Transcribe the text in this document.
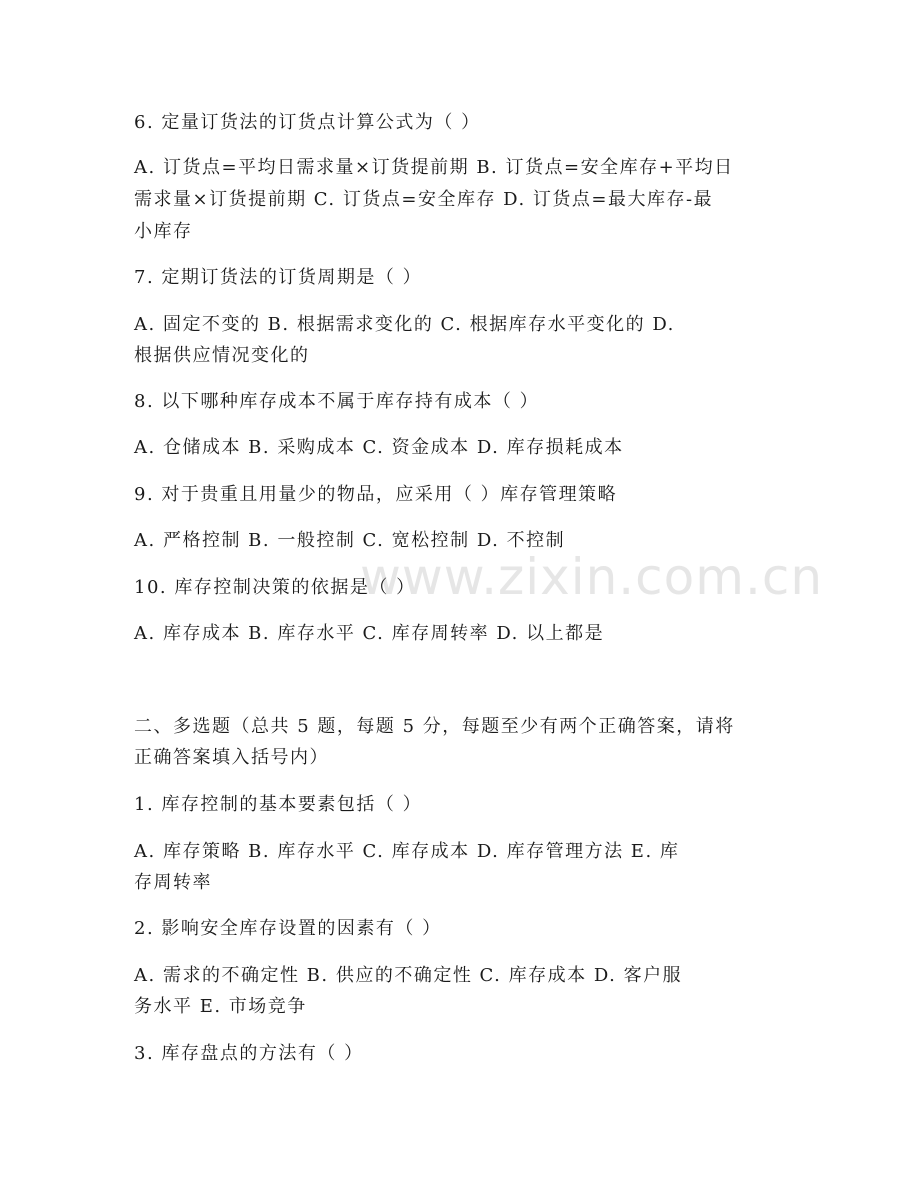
www.zixin.com.cn
6. 定量订货法的订货点计算公式为（ ）
A. 订货点=平均日需求量×订货提前期 B. 订货点=安全库存+平均日
需求量×订货提前期 C. 订货点=安全库存 D. 订货点=最大库存-最
小库存
7. 定期订货法的订货周期是（ ）
A. 固定不变的 B. 根据需求变化的 C. 根据库存水平变化的 D.
根据供应情况变化的
8. 以下哪种库存成本不属于库存持有成本（ ）
A. 仓储成本 B. 采购成本 C. 资金成本 D. 库存损耗成本
9. 对于贵重且用量少的物品，应采用（ ）库存管理策略
A. 严格控制 B. 一般控制 C. 宽松控制 D. 不控制
10. 库存控制决策的依据是（ ）
A. 库存成本 B. 库存水平 C. 库存周转率 D. 以上都是
二、多选题（总共 5 题，每题 5 分，每题至少有两个正确答案，请将
正确答案填入括号内）
1. 库存控制的基本要素包括（ ）
A. 库存策略 B. 库存水平 C. 库存成本 D. 库存管理方法 E. 库
存周转率
2. 影响安全库存设置的因素有（ ）
A. 需求的不确定性 B. 供应的不确定性 C. 库存成本 D. 客户服
务水平 E. 市场竞争
3. 库存盘点的方法有（ ）
